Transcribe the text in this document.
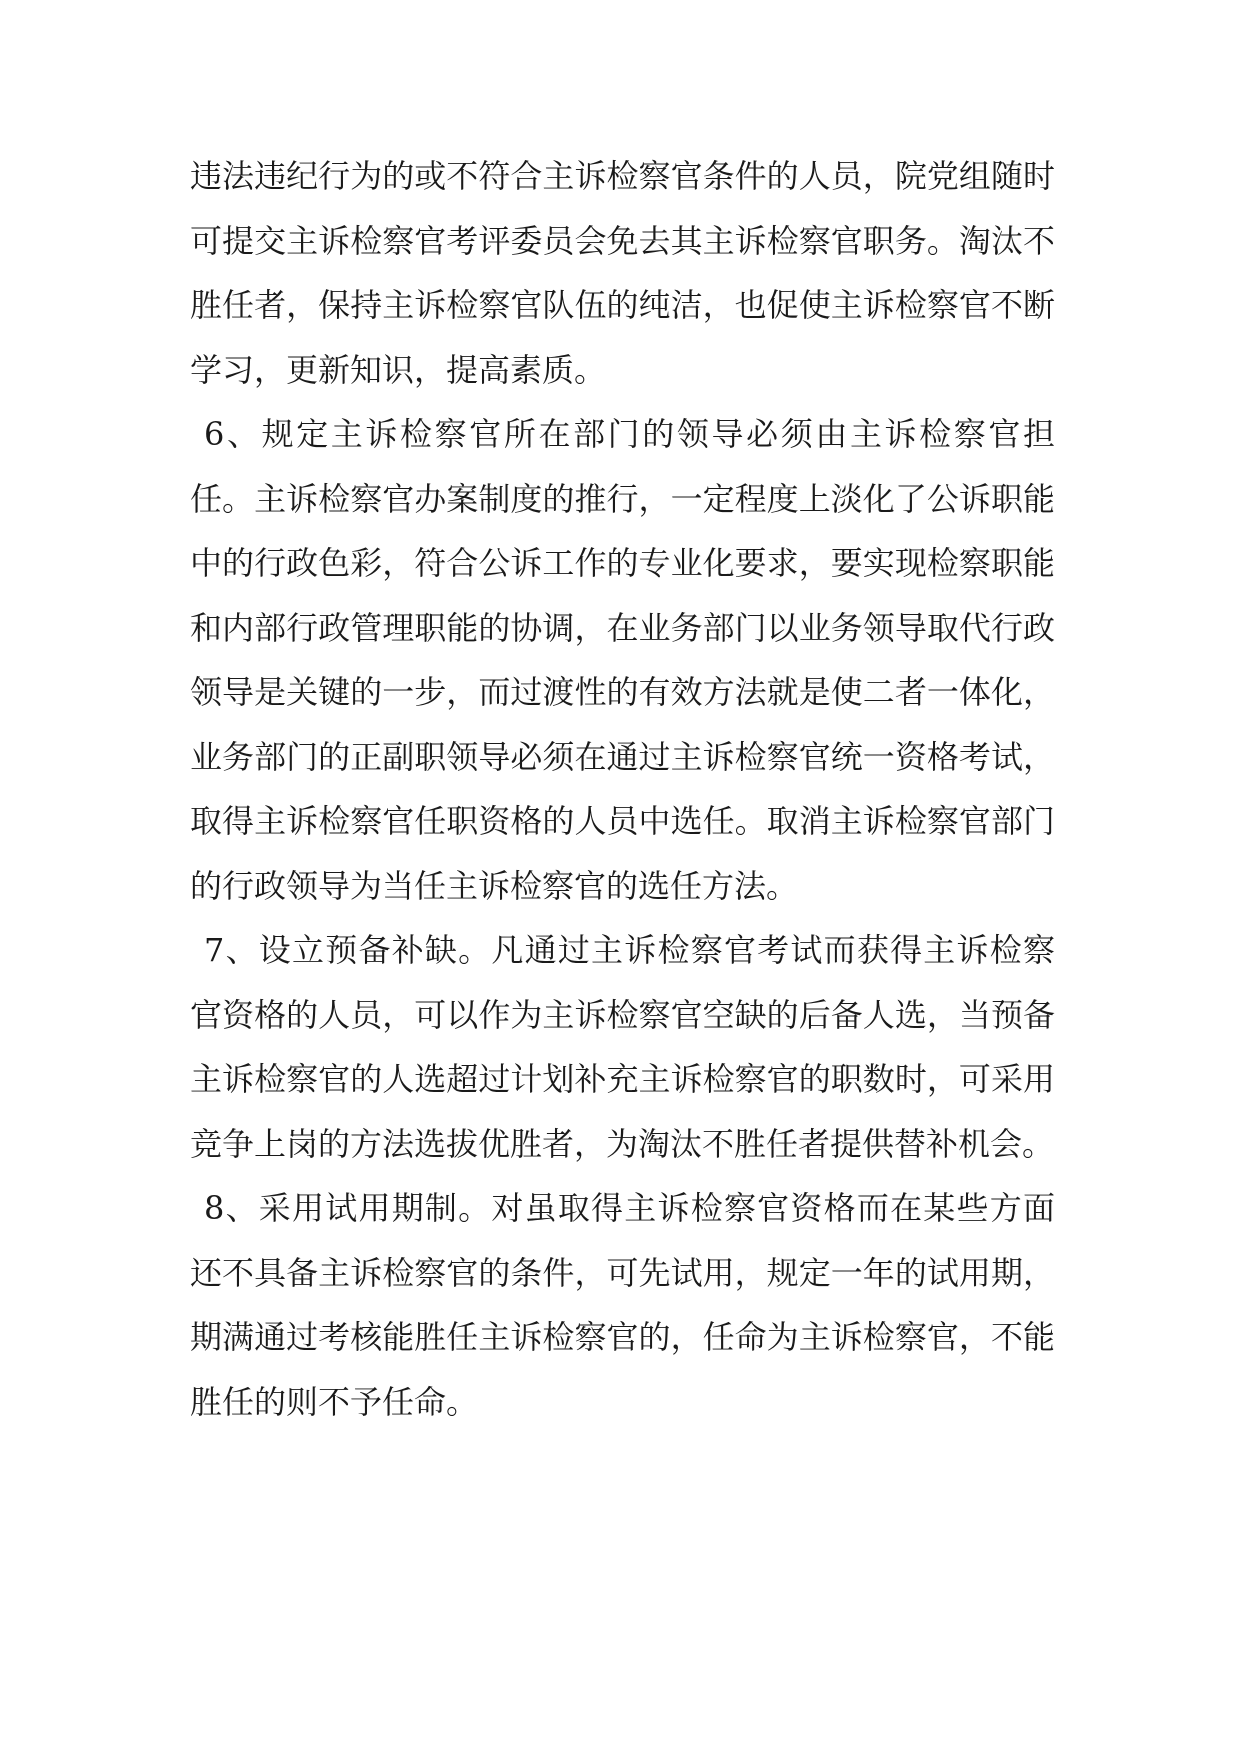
违法违纪行为的或不符合主诉检察官条件的人员，院党组随时可提交主诉检察官考评委员会免去其主诉检察官职务。淘汰不胜任者，保持主诉检察官队伍的纯洁，也促使主诉检察官不断学习，更新知识，提高素质。

6、规定主诉检察官所在部门的领导必须由主诉检察官担任。主诉检察官办案制度的推行，一定程度上淡化了公诉职能中的行政色彩，符合公诉工作的专业化要求，要实现检察职能和内部行政管理职能的协调，在业务部门以业务领导取代行政领导是关键的一步，而过渡性的有效方法就是使二者一体化，业务部门的正副职领导必须在通过主诉检察官统一资格考试，取得主诉检察官任职资格的人员中选任。取消主诉检察官部门的行政领导为当任主诉检察官的选任方法。

7、设立预备补缺。凡通过主诉检察官考试而获得主诉检察官资格的人员，可以作为主诉检察官空缺的后备人选，当预备主诉检察官的人选超过计划补充主诉检察官的职数时，可采用竞争上岗的方法选拔优胜者，为淘汰不胜任者提供替补机会。

8、采用试用期制。对虽取得主诉检察官资格而在某些方面还不具备主诉检察官的条件，可先试用，规定一年的试用期，期满通过考核能胜任主诉检察官的，任命为主诉检察官，不能胜任的则不予任命。
